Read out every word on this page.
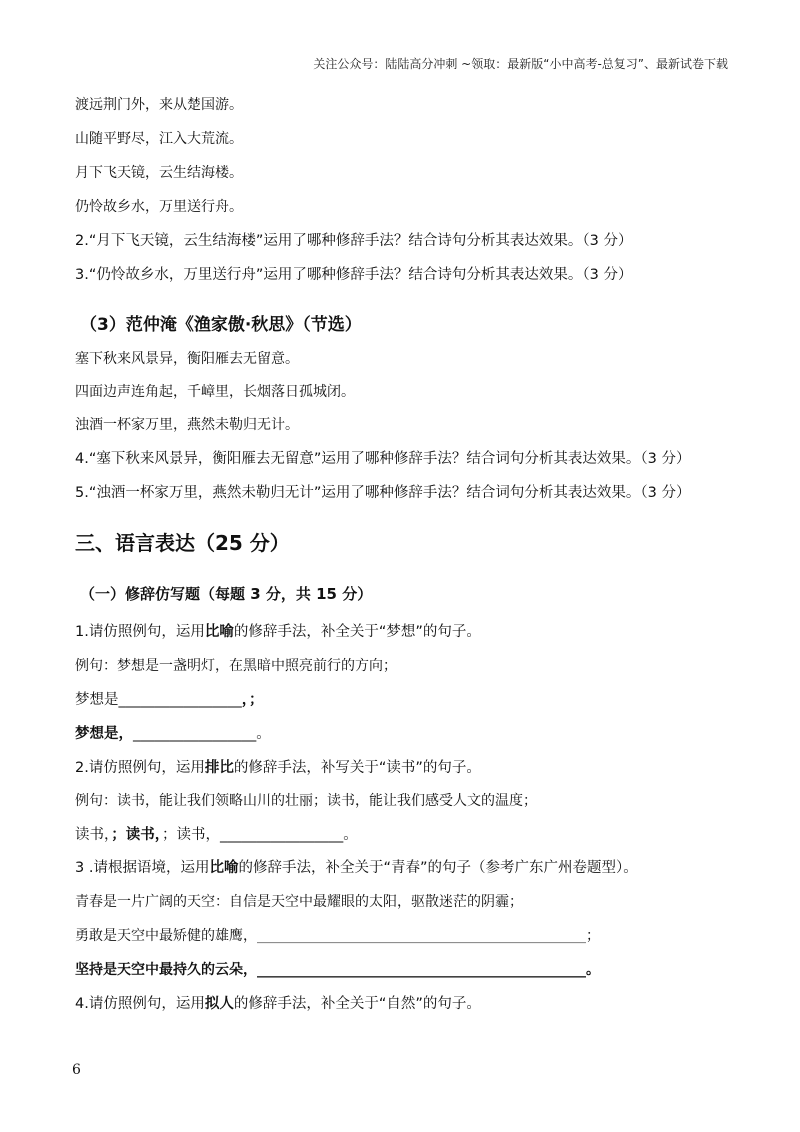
关注公众号：陆陆高分冲刺 ~领取：最新版“小中高考-总复习”、最新试卷下载
渡远荆门外，来从楚国游。
山随平野尽，江入大荒流。
月下飞天镜，云生结海楼。
仍怜故乡水，万里送行舟。
2.“月下飞天镜，云生结海楼”运用了哪种修辞手法？结合诗句分析其表达效果。（3 分）
3.“仍怜故乡水，万里送行舟”运用了哪种修辞手法？结合诗句分析其表达效果。（3 分）
（3）范仲淹《渔家傲·秋思》（节选）
塞下秋来风景异，衡阳雁去无留意。
四面边声连角起，千嶂里，长烟落日孤城闭。
浊酒一杯家万里，燕然未勒归无计。
4.“塞下秋来风景异，衡阳雁去无留意”运用了哪种修辞手法？结合词句分析其表达效果。（3 分）
5.“浊酒一杯家万里，燕然未勒归无计”运用了哪种修辞手法？结合词句分析其表达效果。（3 分）
三、语言表达（25 分）
（一）修辞仿写题（每题 3 分，共 15 分）
1.请仿照例句，运用比喻的修辞手法，补全关于“梦想”的句子。
例句：梦想是一盏明灯，在黑暗中照亮前行的方向；
梦想是_________________，；
梦想是，_________________。
2.请仿照例句，运用排比的修辞手法，补写关于“读书”的句子。
例句：读书，能让我们领略山川的壮丽；读书，能让我们感受人文的温度；
读书，；读书，；读书，_________________。
3 .请根据语境，运用比喻的修辞手法，补全关于“青春”的句子（参考广东广州卷题型）。
青春是一片广阔的天空：自信是天空中最耀眼的太阳，驱散迷茫的阴霾；
勇敢是天空中最矫健的雄鹰，_______________________________________________；
坚持是天空中最持久的云朵，_______________________________________________。
4.请仿照例句，运用拟人的修辞手法，补全关于“自然”的句子。
6
